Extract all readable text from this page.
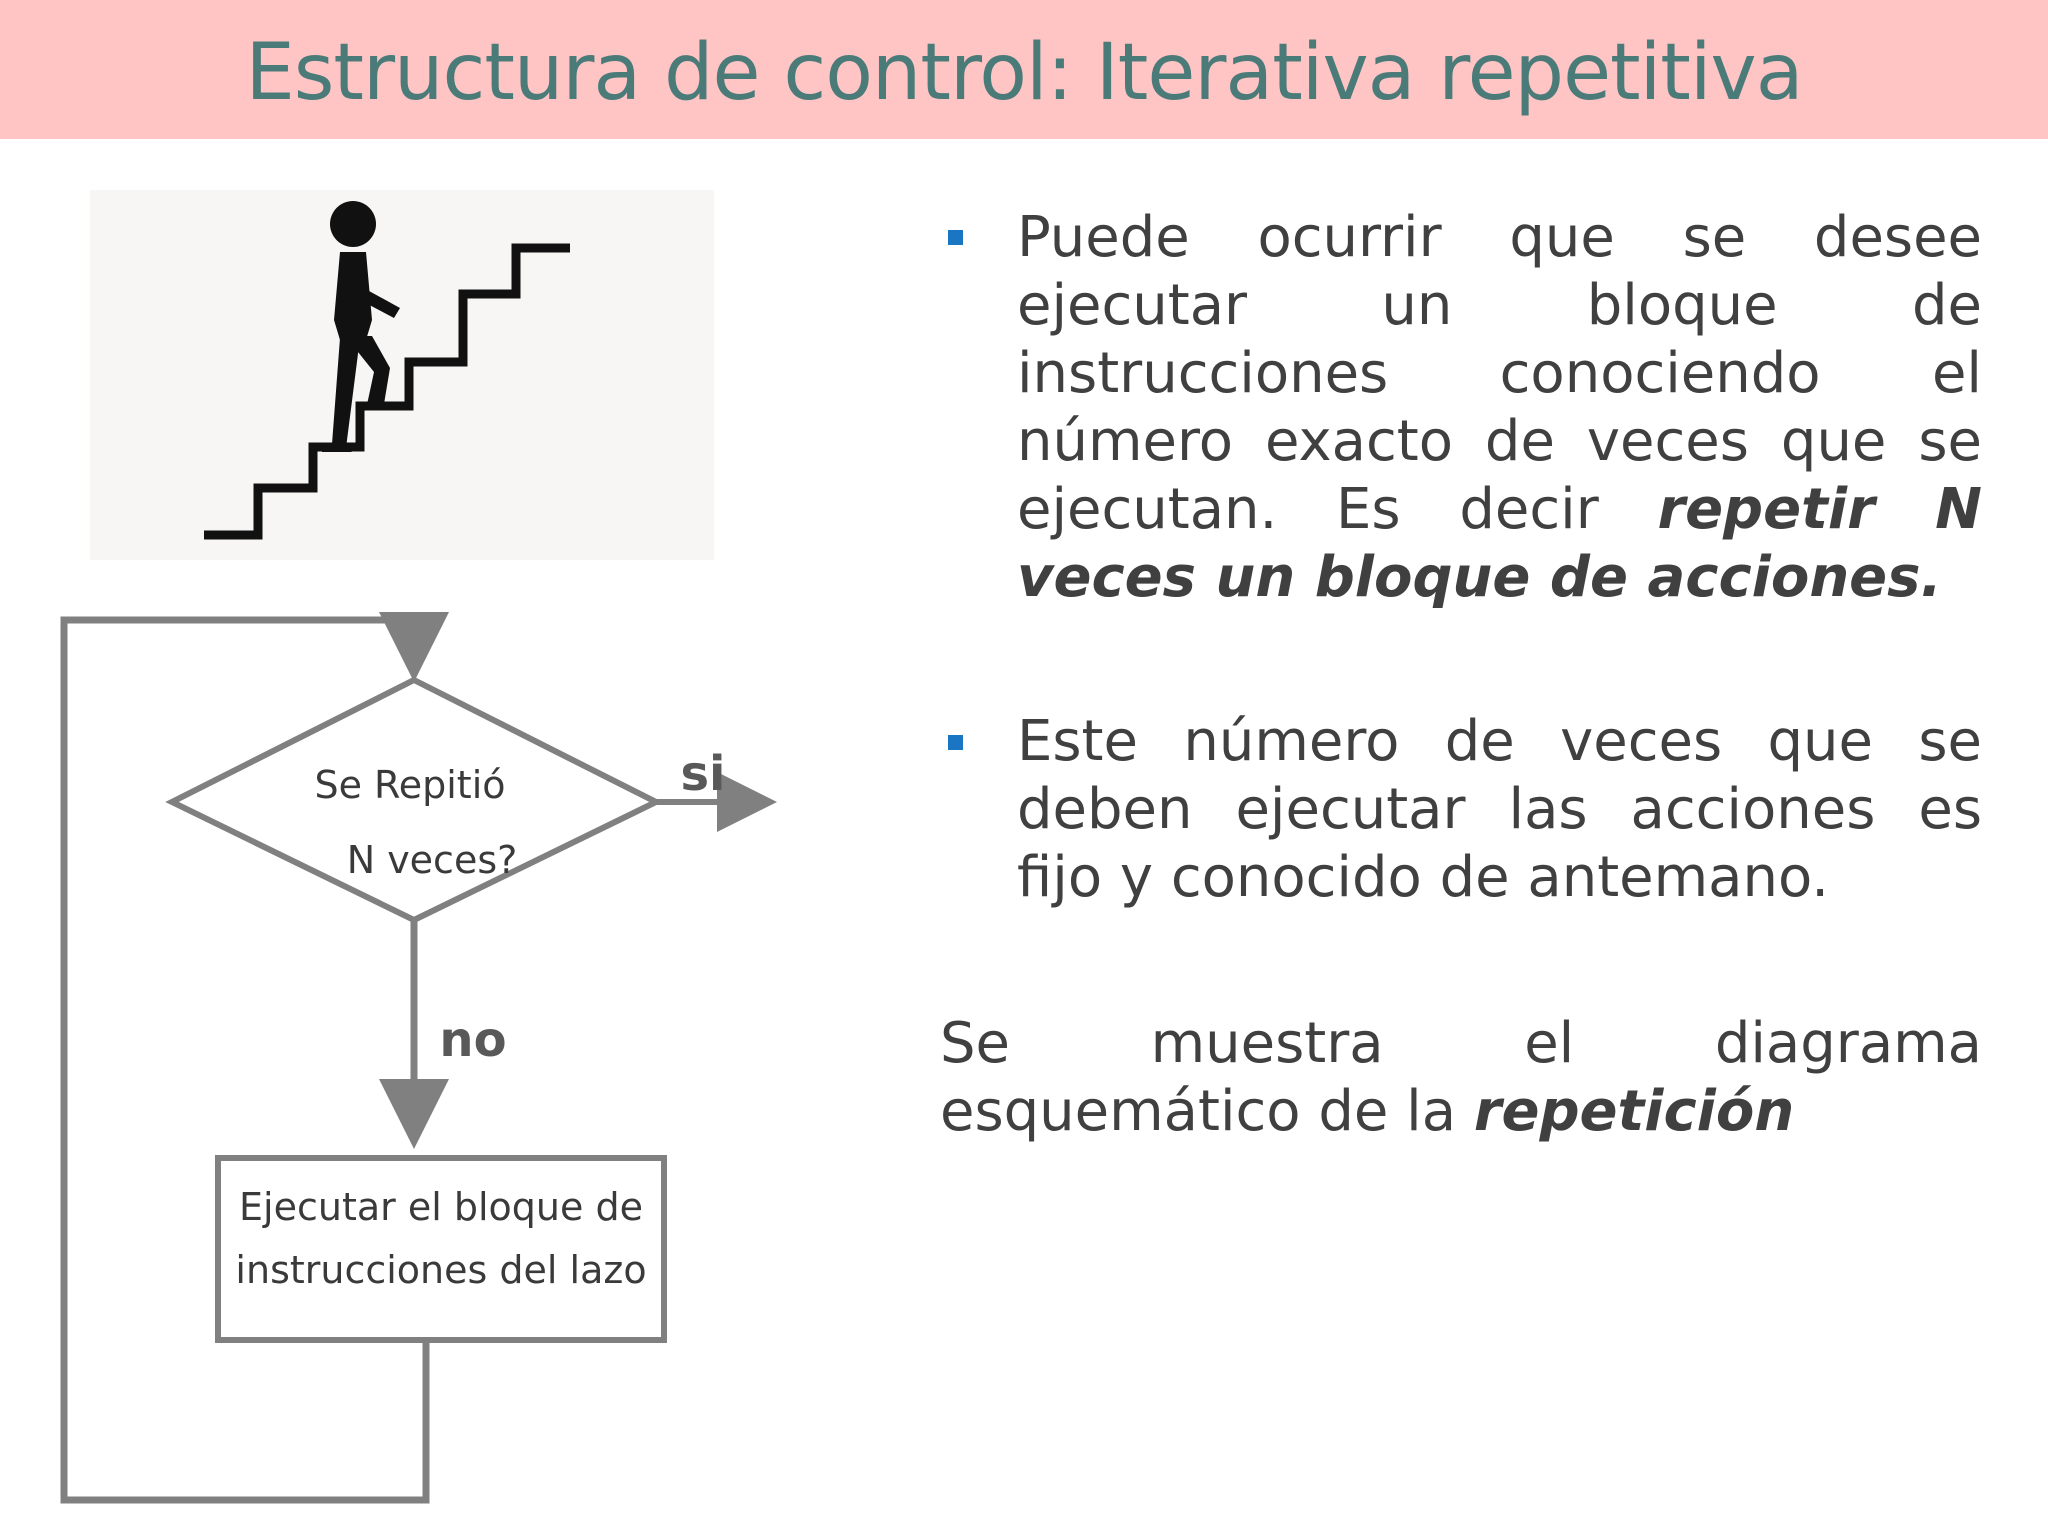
Estructura de control: Iterativa repetitiva
Se Repitió
N veces?
si
no
Ejecutar el bloque de
instrucciones del lazo
Puede ocurrir que se desee ejecutar un bloque de instrucciones conociendo el número exacto de veces que se ejecutan. Es decir repetir N veces un bloque de acciones.
Este número de veces que se deben ejecutar las acciones es fijo y conocido de antemano.
Se muestra el diagrama esquemático de la repetición
